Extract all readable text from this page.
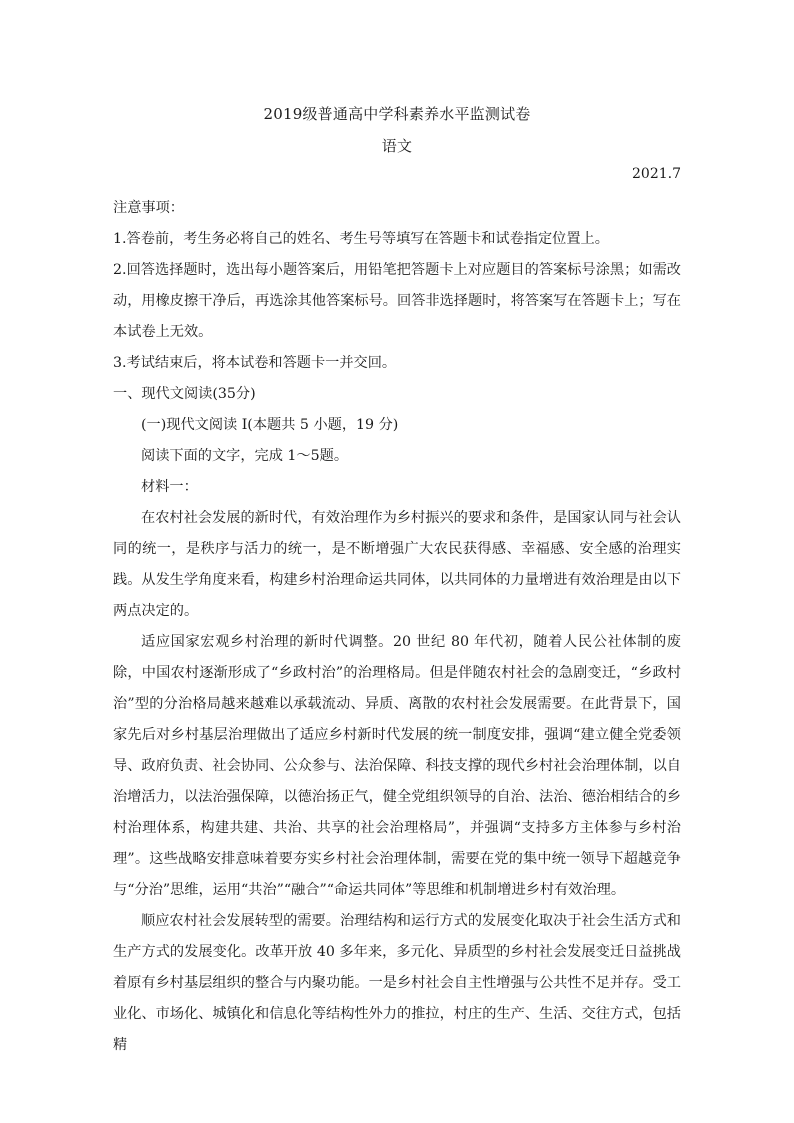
2019级普通高中学科素养水平监测试卷
语文
2021.7

注意事项：

1.答卷前，考生务必将自己的姓名、考生号等填写在答题卡和试卷指定位置上。

2.回答选择题时，选出每小题答案后，用铅笔把答题卡上对应题目的答案标号涂黑；如需改动，用橡皮擦干净后，再选涂其他答案标号。回答非选择题时，将答案写在答题卡上；写在本试卷上无效。

3.考试结束后，将本试卷和答题卡一并交回。

一、现代文阅读(35分)

(一)现代文阅读 I(本题共 5 小题，19 分)

阅读下面的文字，完成 1～5题。

材料一：

在农村社会发展的新时代，有效治理作为乡村振兴的要求和条件，是国家认同与社会认同的统一，是秩序与活力的统一，是不断增强广大农民获得感、幸福感、安全感的治理实践。从发生学角度来看，构建乡村治理命运共同体，以共同体的力量增进有效治理是由以下两点决定的。

适应国家宏观乡村治理的新时代调整。20 世纪 80 年代初，随着人民公社体制的废除，中国农村逐渐形成了“乡政村治”的治理格局。但是伴随农村社会的急剧变迁，“乡政村治”型的分治格局越来越难以承载流动、异质、离散的农村社会发展需要。在此背景下，国家先后对乡村基层治理做出了适应乡村新时代发展的统一制度安排，强调“建立健全党委领导、政府负责、社会协同、公众参与、法治保障、科技支撑的现代乡村社会治理体制，以自治增活力，以法治强保障，以德治扬正气，健全党组织领导的自治、法治、德治相结合的乡村治理体系，构建共建、共治、共享的社会治理格局”，并强调“支持多方主体参与乡村治理”。这些战略安排意味着要夯实乡村社会治理体制，需要在党的集中统一领导下超越竞争与“分治”思维，运用“共治”“融合”“命运共同体”等思维和机制增进乡村有效治理。

顺应农村社会发展转型的需要。治理结构和运行方式的发展变化取决于社会生活方式和生产方式的发展变化。改革开放 40 多年来，多元化、异质型的乡村社会发展变迁日益挑战着原有乡村基层组织的整合与内聚功能。一是乡村社会自主性增强与公共性不足并存。受工业化、市场化、城镇化和信息化等结构性外力的推拉，村庄的生产、生活、交往方式，包括精
